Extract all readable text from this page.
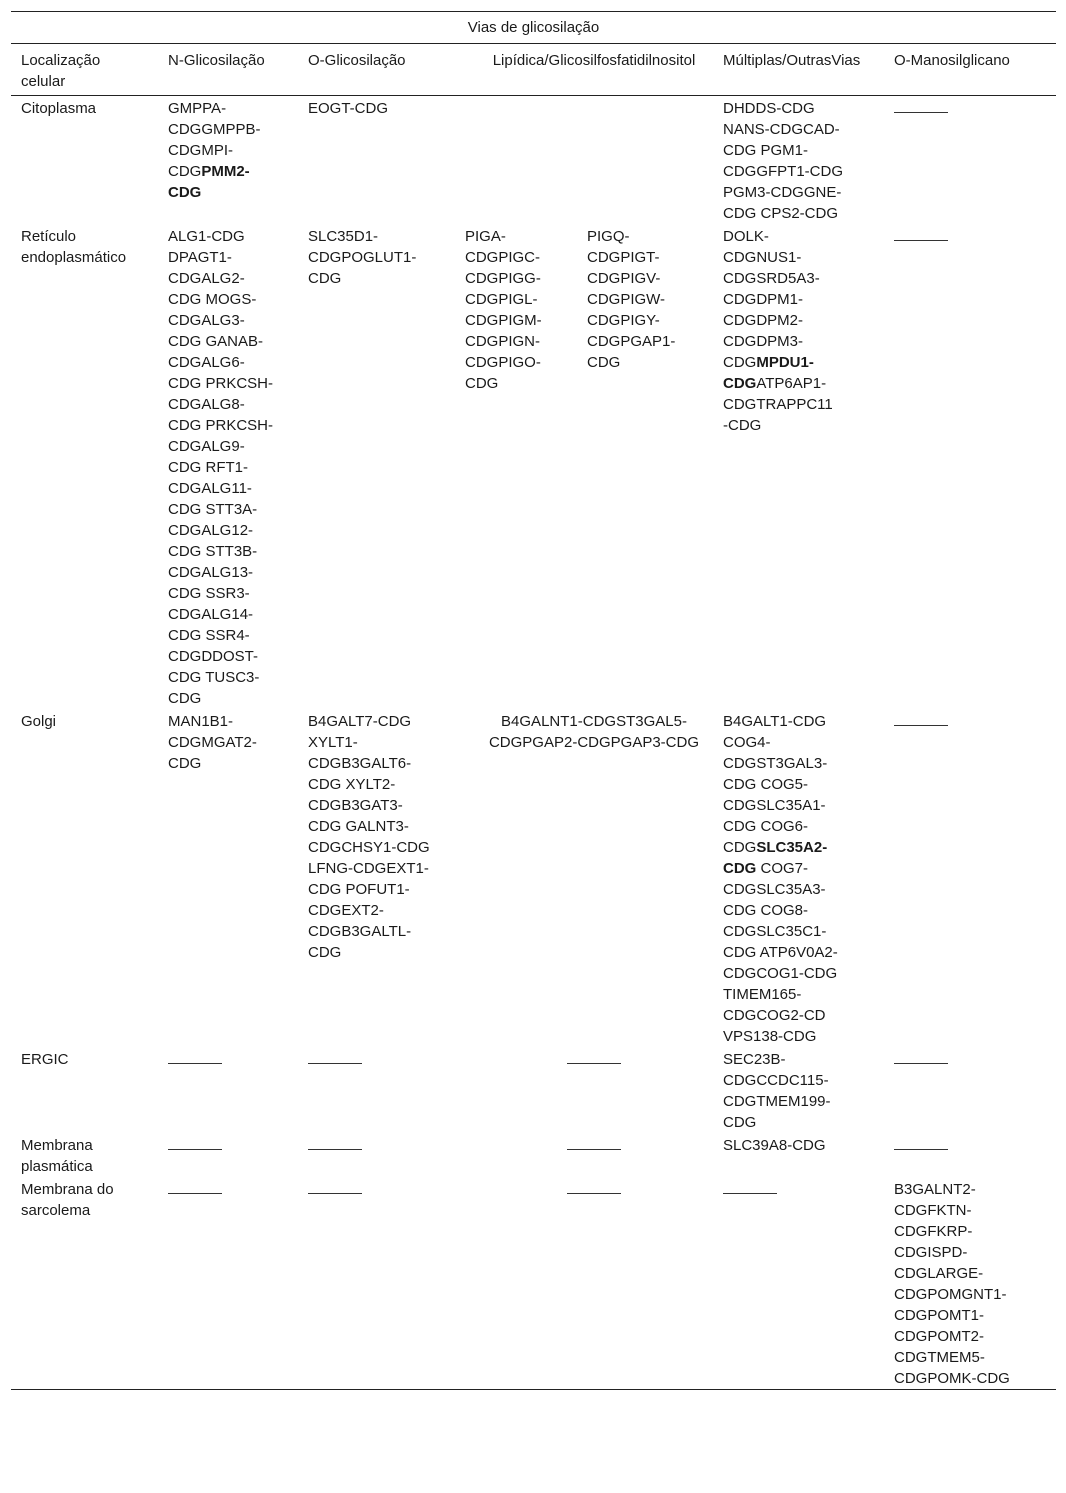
Vias de glicosilação						

Localização celular	N-Glicosilação	O-Glicosilação	Lipídica/Glicosilfosfatidilnositol		Múltiplas/OutrasVias	O-Manosilglicano
Citoplasma	GMPPA-CDGGMPPB-CDGMPI-CDGPMM2-CDG	EOGT-CDG			DHDDS-CDG NANS-CDGCAD-CDG PGM1-CDGGFPT1-CDG PGM3-CDGGNE-CDG CPS2-CDG	

Retículo endoplasmático	ALG1-CDG DPAGT1-CDGALG2-CDG MOGS-CDGALG3-CDG GANAB-CDGALG6-CDG PRKCSH-CDGALG8-CDG PRKCSH-CDGALG9-CDG RFT1-CDGALG11-CDG STT3A-CDGALG12-CDG STT3B-CDGALG13-CDG SSR3-CDGALG14-CDG SSR4-CDGDDOST-CDG TUSC3-CDG	SLC35D1-CDGPOGLUT1-CDG	PIGA-CDGPIGC-CDGPIGG-CDGPIGL-CDGPIGM-CDGPIGN-CDGPIGO-CDG	PIGQ-CDGPIGT-CDGPIGV-CDGPIGW-CDGPIGY-CDGPGAP1-CDG	DOLK-CDGNUS1-CDGSRD5A3-CDGDPM1-CDGDPM2-CDGDPM3-CDGMPDU1-CDGATP6AP1-CDGTRAPPC11-CDG	

Golgi	MAN1B1-CDGMGAT2-CDG	B4GALT7-CDG XYLT1-CDGB3GALT6-CDG XYLT2-CDGB3GAT3-CDG GALNT3-CDGCHSY1-CDG LFNG-CDGEXT1-CDG POFUT1-CDGEXT2-CDGB3GALTL-CDG	B4GALNT1-CDGST3GAL5-CDGPGAP2-CDGPGAP3-CDG		B4GALT1-CDG COG4-CDGST3GAL3-CDG COG5-CDGSLC35A1-CDG COG6-CDGSLC35A2-CDG COG7-CDGSLC35A3-CDG COG8-CDGSLC35C1-CDG ATP6V0A2-CDGCOG1-CDG TIMEM165-CDGCOG2-CD VPS138-CDG	

ERGIC					SEC23B-CDGCCDC115-CDGTMEM199-CDG	

Membrana plasmática					SLC39A8-CDG	

Membrana do sarcolema						B3GALNT2-CDGFKTN-CDGFKRP-CDGISPD-CDGLARGE-CDGPOMGNT1-CDGPOMT1-CDGPOMT2-CDGTMEM5-CDGPOMK-CDG
